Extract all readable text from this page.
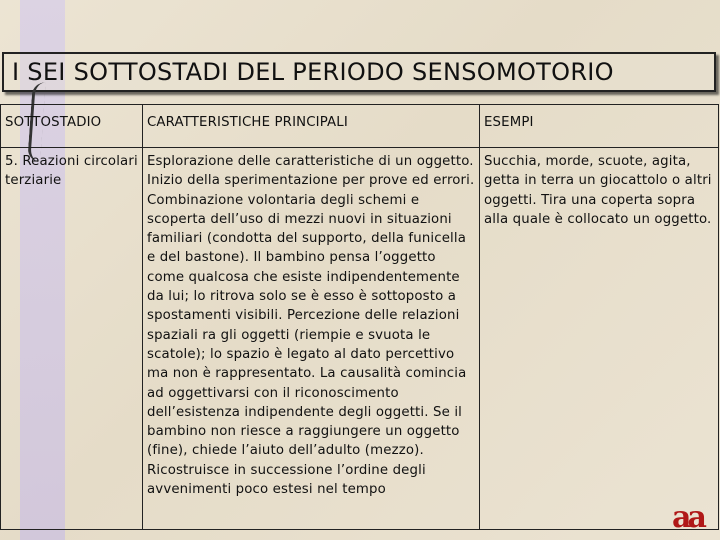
I SEI SOTTOSTADI DEL PERIODO SENSOMOTORIO
SOTTOSTADIO	CARATTERISTICHE PRINCIPALI	ESEMPI

5. Reazioni circolari terziarie	Esplorazione delle caratteristiche di un oggetto. Inizio della sperimentazione per prove ed errori. Combinazione volontaria degli schemi e scoperta dell’uso di mezzi nuovi in situazioni familiari (condotta del supporto, della funicella e del bastone). Il bambino pensa l’oggetto come qualcosa che esiste indipendentemente da lui; lo ritrova solo se è esso è sottoposto a spostamenti visibili. Percezione delle relazioni spaziali ra gli oggetti (riempie e svuota le scatole); lo spazio è legato al dato percettivo ma non è rappresentato. La causalità comincia ad oggettivarsi con il riconoscimento dell’esistenza indipendente degli oggetti. Se il bambino non riesce a raggiungere un oggetto (fine), chiede l’aiuto dell’adulto (mezzo). Ricostruisce in successione l’ordine degli avvenimenti poco estesi nel tempo	Succhia, morde, scuote, agita, getta in terra un giocattolo o altri oggetti. Tira una coperta sopra alla quale è collocato un oggetto.
aa
